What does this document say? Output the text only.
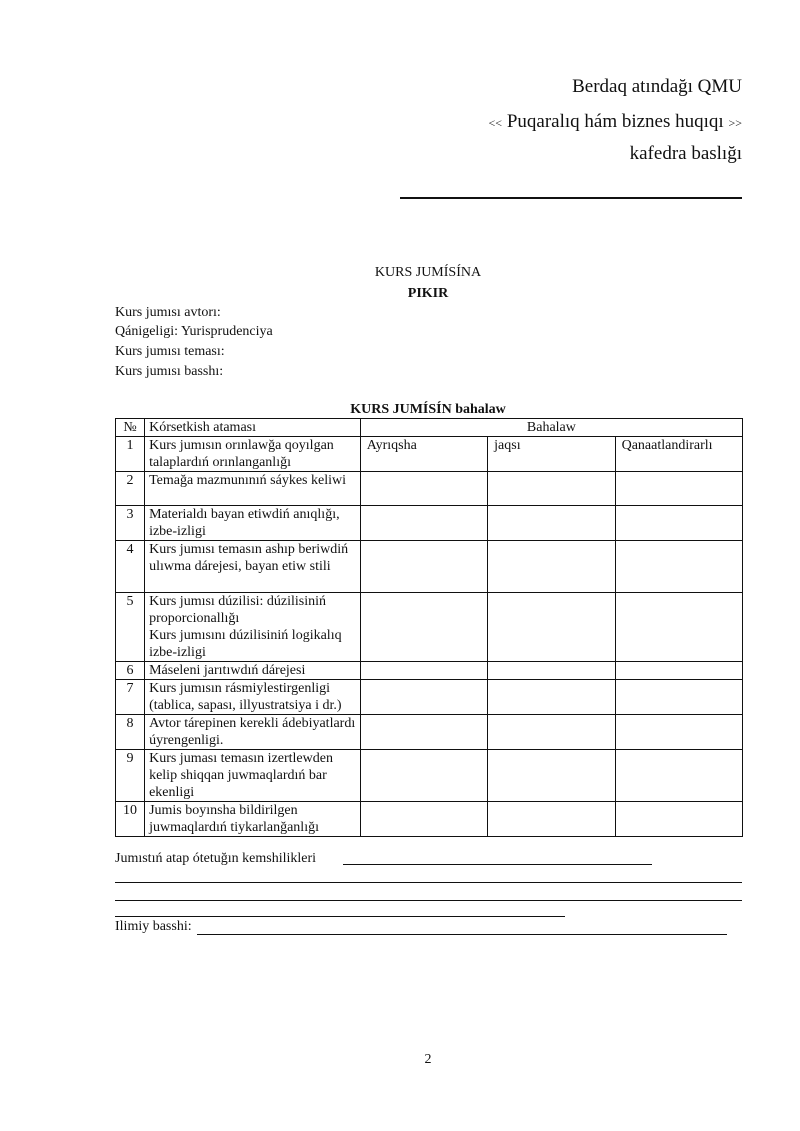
Berdaq atındağı QMU
<< Puqaralıq hám biznes huqıqı >>
kafedra baslığı
KURS JUMÍSÍNA
PIKIR
Kurs jumısı avtorı:
Qánigeligi: Yurisprudenciya
Kurs jumısı teması:
Kurs jumısı basshı:
KURS JUMÍSÍN bahalaw
№	Kórsetkish ataması	Bahalaw		
1	Kurs jumısın orınlawğa qoyılgan talaplardıń orınlanganlığı	Ayrıqsha	jaqsı	Qanaatlandirarlı
2	Temağa mazmunınıń sáykes keliwi			
3	Materialdı bayan etiwdiń anıqlığı, izbe-izligi			
4	Kurs jumısı temasın ashıp beriwdiń ulıwma dárejesi, bayan etiw stili			
5	Kurs jumısı dúzilisi: dúzilisiniń proporcionallığı
Kurs jumısını dúzilisiniń logikalıq izbe-izligi			

6	Máseleni jarıtıwdıń dárejesi			
7	Kurs jumısın rásmiylestirgenligi (tablica, sapası, illyustratsiya i dr.)			
8	Avtor tárepinen kerekli ádebiyatlardı úyrengenligi.			
9	Kurs juması temasın izertlewden kelip shiqqan juwmaqlardıń bar ekenligi			
10	Jumis boyınsha bildirilgen juwmaqlardıń tiykarlanğanlığı			
Jumıstıń atap ótetuğın kemshilikleri
Ilimiy basshi:
2
